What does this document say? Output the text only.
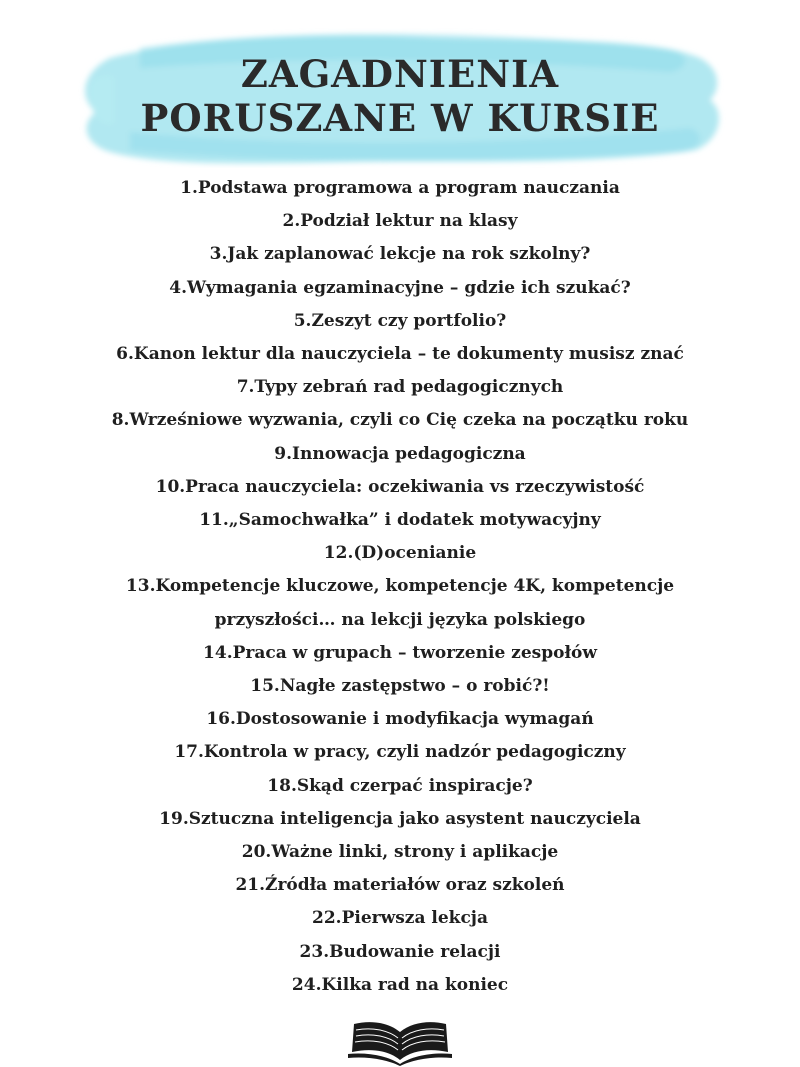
ZAGADNIENIA
PORUSZANE W KURSIE
1.Podstawa programowa a program nauczania
2.Podział lektur na klasy
3.Jak zaplanować lekcje na rok szkolny?
4.Wymagania egzaminacyjne – gdzie ich szukać?
5.Zeszyt czy portfolio?
6.Kanon lektur dla nauczyciela – te dokumenty musisz znać
7.Typy zebrań rad pedagogicznych
8.Wrześniowe wyzwania, czyli co Cię czeka na początku roku
9.Innowacja pedagogiczna
10.Praca nauczyciela: oczekiwania vs rzeczywistość
11.„Samochwałka” i dodatek motywacyjny
12.(D)ocenianie
13.Kompetencje kluczowe, kompetencje 4K, kompetencje
przyszłości… na lekcji języka polskiego
14.Praca w grupach – tworzenie zespołów
15.Nagłe zastępstwo – o robić?!
16.Dostosowanie i modyfikacja wymagań
17.Kontrola w pracy, czyli nadzór pedagogiczny
18.Skąd czerpać inspiracje?
19.Sztuczna inteligencja jako asystent nauczyciela
20.Ważne linki, strony i aplikacje
21.Źródła materiałów oraz szkoleń
22.Pierwsza lekcja
23.Budowanie relacji
24.Kilka rad na koniec
